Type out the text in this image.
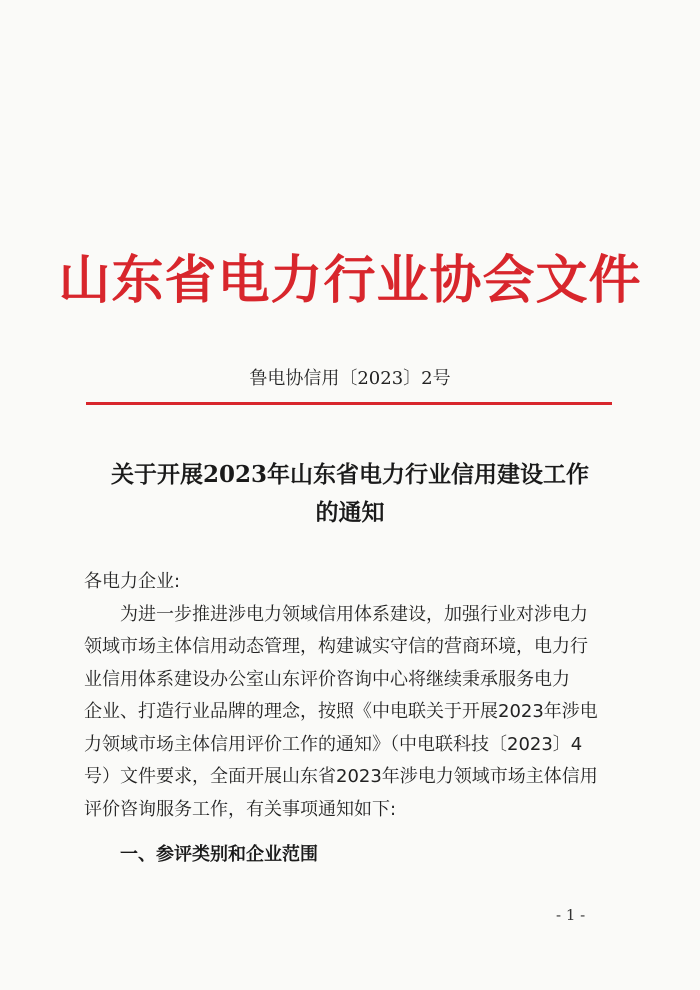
山东省电力行业协会文件
鲁电协信用〔2023〕2号
关于开展2023年山东省电力行业信用建设工作
的通知
各电力企业:
为进一步推进涉电力领域信用体系建设，加强行业对涉电力
领域市场主体信用动态管理，构建诚实守信的营商环境，电力行
业信用体系建设办公室山东评价咨询中心将继续秉承服务电力
企业、打造行业品牌的理念，按照《中电联关于开展2023年涉电
力领域市场主体信用评价工作的通知》（中电联科技〔2023〕4
号）文件要求，全面开展山东省2023年涉电力领域市场主体信用
评价咨询服务工作，有关事项通知如下:
一、参评类别和企业范围
- 1 -
